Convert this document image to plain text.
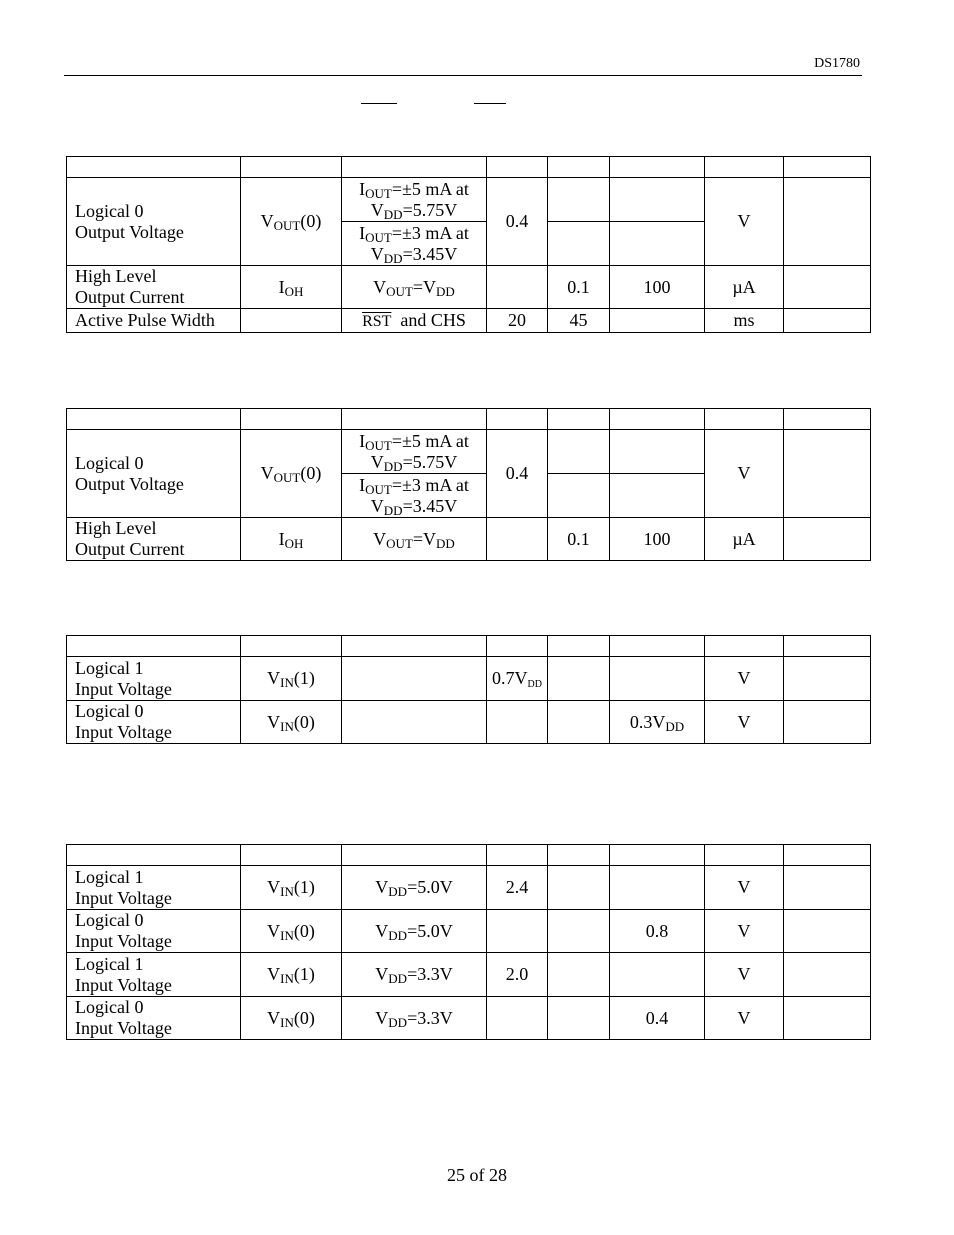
DS1780

Logical 0
Output Voltage	$V_{OUT}(0)$	$I_{OUT}=\pm 5$ mA at
$V_{DD}=5.75V$	0.4			V	
		$I_{OUT}=\pm 3$ mA at
$V_{DD}=3.45V$					
High Level
Output Current	$I_{OH}$	$V_{OUT}=V_{DD}$		0.1	100	µA	
Active Pulse Width		$\overline{RST}$ and CHS	20	45		ms	

Logical 0
Output Voltage	$V_{OUT}(0)$	$I_{OUT}=\pm 5$ mA at
$V_{DD}=5.75V$	0.4			V	
		$I_{OUT}=\pm 3$ mA at
$V_{DD}=3.45V$					
High Level
Output Current	$I_{OH}$	$V_{OUT}=V_{DD}$		0.1	100	µA	

Logical 1
Input Voltage	$V_{IN}(1)$		$0.7V_{DD}$			V	
Logical 0
Input Voltage	$V_{IN}(0)$				$0.3V_{DD}$	V	

Logical 1
Input Voltage	$V_{IN}(1)$	$V_{DD}=5.0V$	2.4			V	
Logical 0
Input Voltage	$V_{IN}(0)$	$V_{DD}=5.0V$			0.8	V	
Logical 1
Input Voltage	$V_{IN}(1)$	$V_{DD}=3.3V$	2.0			V	
Logical 0
Input Voltage	$V_{IN}(0)$	$V_{DD}=3.3V$			0.4	V	
25 of 28
